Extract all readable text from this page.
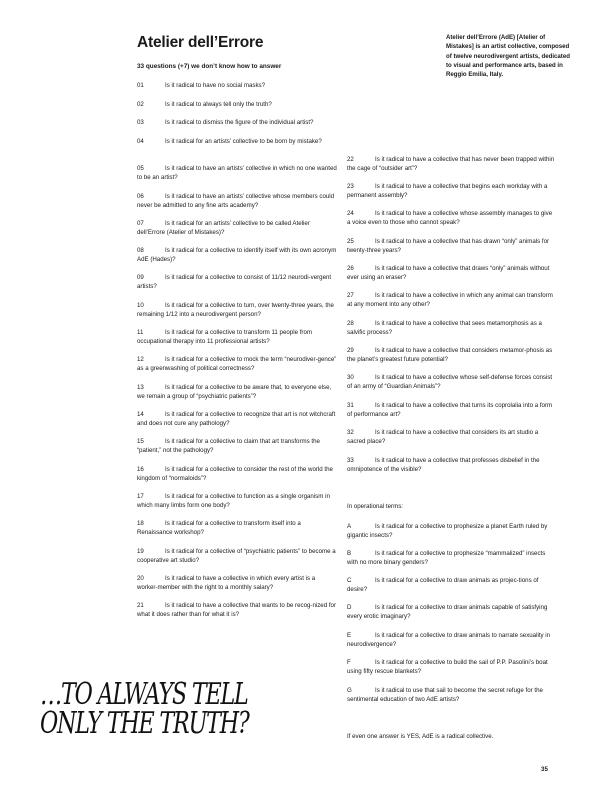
Atelier dell’Errore
33 questions (+7) we don’t know how to answer
Atelier dell’Errore (AdE) [Atelier of Mistakes] is an artist collective, composed of twelve neurodivergent artists, dedicated to visual and performance arts, based in Reggio Emilia, Italy.
01	Is it radical to have no social masks?
02	Is it radical to always tell only the truth?
03	Is it radical to dismiss the figure of the individual artist?
04	Is it radical for an artists’ collective to be born by mistake?
05	Is it radical to have an artists’ collective in which no one wanted to be an artist?
06	Is it radical to have an artists’ collective whose members could never be admitted to any fine arts academy?
07	Is it radical for an artists’ collective to be called Atelier dell’Errore (Atelier of Mistakes)?
08	Is it radical for a collective to identify itself with its own acronym AdE (Hades)?
09	Is it radical for a collective to consist of 11/12 neurodi-vergent artists?
10	Is it radical for a collective to turn, over twenty-three years, the remaining 1/12 into a neurodivergent person?
11	Is it radical for a collective to transform 11 people from occupational therapy into 11 professional artists?
12	Is it radical for a collective to mock the term “neurodiver-gence” as a greenwashing of political correctness?
13	Is it radical for a collective to be aware that, to everyone else, we remain a group of “psychiatric patients”?
14	Is it radical for a collective to recognize that art is not witchcraft and does not cure any pathology?
15	Is it radical for a collective to claim that art transforms the “patient,” not the pathology?
16	Is it radical for a collective to consider the rest of the world the kingdom of “normaloids”?
17	Is it radical for a collective to function as a single organism in which many limbs form one body?
18	Is it radical for a collective to transform itself into a Renaissance workshop?
19	Is it radical for a collective of “psychiatric patients” to become a cooperative art studio?
20	Is it radical to have a collective in which every artist is a worker-member with the right to a monthly salary?
21	Is it radical to have a collective that wants to be recog-nized for what it does rather than for what it is?
22	Is it radical to have a collective that has never been trapped within the cage of “outsider art”?
23	Is it radical to have a collective that begins each workday with a permanent assembly?
24	Is it radical to have a collective whose assembly manages to give a voice even to those who cannot speak?
25	Is it radical to have a collective that has drawn “only” animals for twenty-three years?
26	Is it radical to have a collective that draws “only” animals without ever using an eraser?
27	Is it radical to have a collective in which any animal can transform at any moment into any other?
28	Is it radical to have a collective that sees metamorphosis as a salvific process?
29	Is it radical to have a collective that considers metamor-phosis as the planet’s greatest future potential?
30	Is it radical to have a collective whose self-defense forces consist of an army of “Guardian Animals”?
31	Is it radical to have a collective that turns its coprolalia into a form of performance art?
32	Is it radical to have a collective that considers its art studio a sacred place?
33	Is it radical to have a collective that professes disbelief in the omnipotence of the visible?
In operational terms:
A	Is it radical for a collective to prophesize a planet Earth ruled by gigantic insects?
B	Is it radical for a collective to prophesize “mammalized” insects with no more binary genders?
C	Is it radical for a collective to draw animals as projec-tions of desire?
D	Is it radical for a collective to draw animals capable of satisfying every erotic imaginary?
E	Is it radical for a collective to draw animals to narrate sexuality in neurodivergence?
F	Is it radical for a collective to build the sail of P.P. Pasolini’s boat using fifty rescue blankets?
G	Is it radical to use that sail to become the secret refuge for the sentimental education of two AdE artists?
If even one answer is YES, AdE is a radical collective.
…TO ALWAYS TELL ONLY THE TRUTH?
35
